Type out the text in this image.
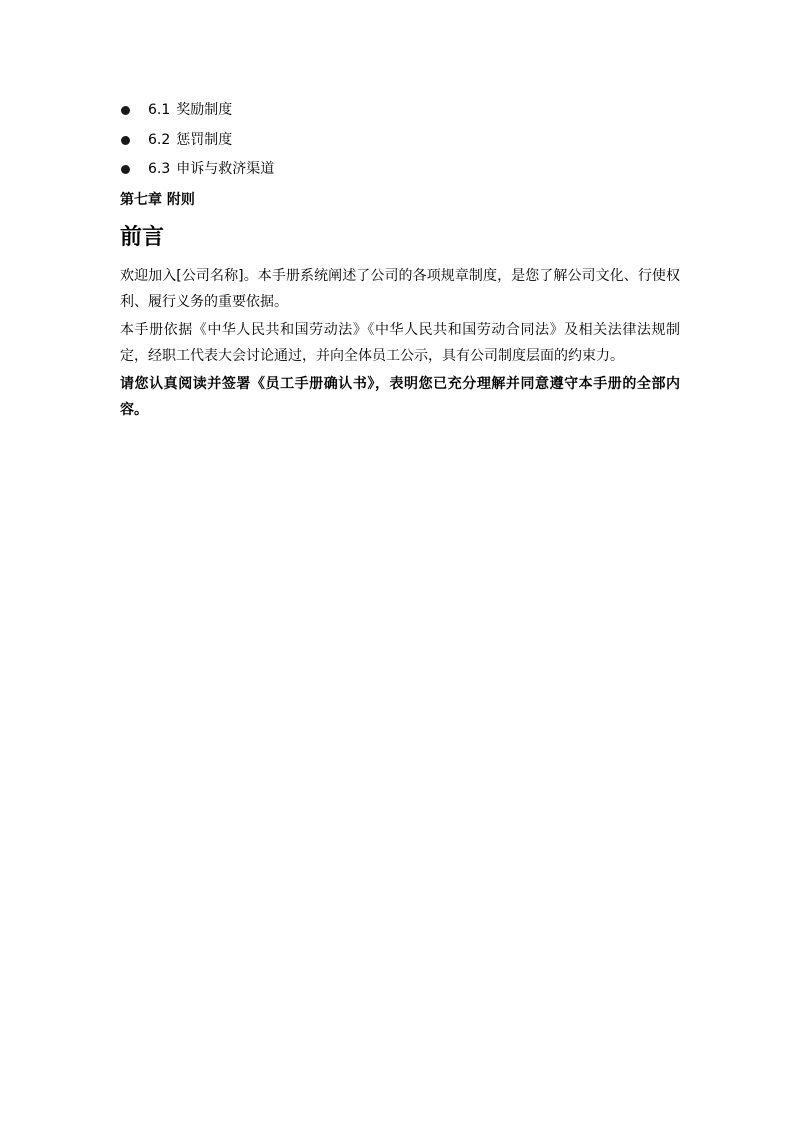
6.1 奖励制度
6.2 惩罚制度
6.3 申诉与救济渠道

第七章 附则

前言

欢迎加入[公司名称]。本手册系统阐述了公司的各项规章制度，是您了解公司文化、行使权利、履行义务的重要依据。

本手册依据《中华人民共和国劳动法》《中华人民共和国劳动合同法》及相关法律法规制定，经职工代表大会讨论通过，并向全体员工公示，具有公司制度层面的约束力。

请您认真阅读并签署《员工手册确认书》，表明您已充分理解并同意遵守本手册的全部内容。
